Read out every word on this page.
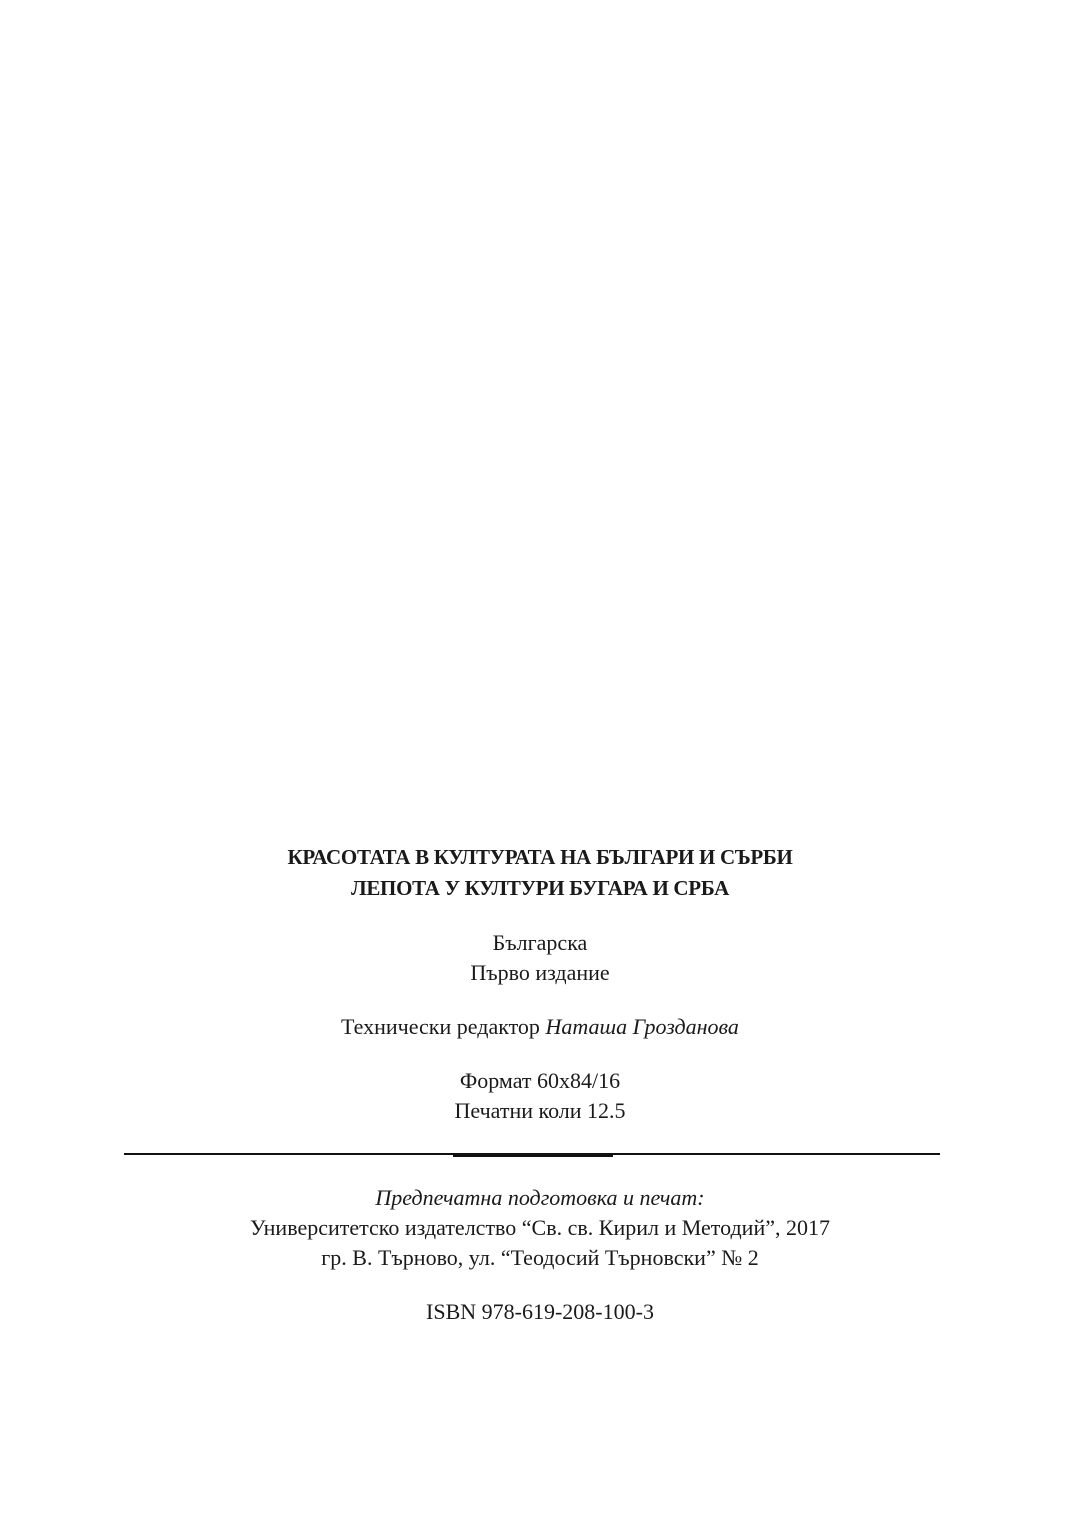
КРАСОТАТА В КУЛТУРАТА НА БЪЛГАРИ И СЪРБИ
ЛЕПОТА У КУЛТУРИ БУГАРА И СРБА
Българска
Първо издание
Технически редактор Наташа Грозданова
Формат 60х84/16
Печатни коли 12.5
Предпечатна подготовка и печат:
Университетско издателство “Св. св. Кирил и Методий”, 2017
гр. В. Търново, ул. “Теодосий Търновски” № 2
ISBN 978-619-208-100-3
